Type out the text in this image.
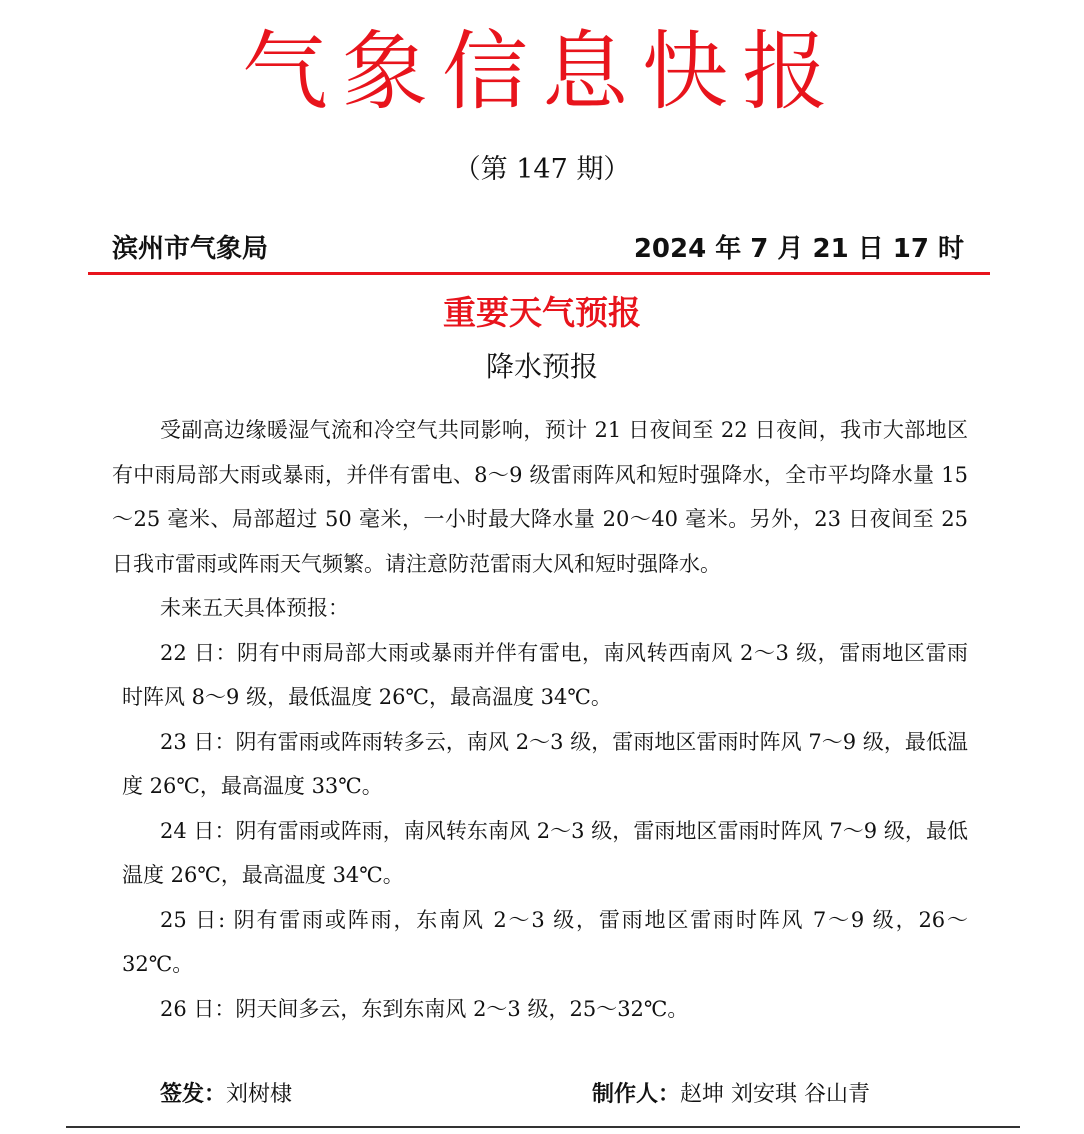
气象信息快报
（第 147 期）
滨州市气象局	2024 年 7 月 21 日 17 时
重要天气预报
降水预报

受副高边缘暖湿气流和冷空气共同影响，预计 21 日夜间至 22 日夜间，我市大部地区有中雨局部大雨或暴雨，并伴有雷电、8～9 级雷雨阵风和短时强降水，全市平均降水量 15～25 毫米、局部超过 50 毫米，一小时最大降水量 20～40 毫米。另外，23 日夜间至 25 日我市雷雨或阵雨天气频繁。请注意防范雷雨大风和短时强降水。

未来五天具体预报：

22 日：阴有中雨局部大雨或暴雨并伴有雷电，南风转西南风 2～3 级，雷雨地区雷雨时阵风 8～9 级，最低温度 26℃，最高温度 34℃。

23 日：阴有雷雨或阵雨转多云，南风 2～3 级，雷雨地区雷雨时阵风 7～9 级，最低温度 26℃，最高温度 33℃。

24 日：阴有雷雨或阵雨，南风转东南风 2～3 级，雷雨地区雷雨时阵风 7～9 级，最低温度 26℃，最高温度 34℃。

25 日: 阴有雷雨或阵雨，东南风 2～3 级，雷雨地区雷雨时阵风 7～9 级，26～32℃。

26 日：阴天间多云，东到东南风 2～3 级，25～32℃。

签发：刘树棣	制作人：赵坤 刘安琪 谷山青
